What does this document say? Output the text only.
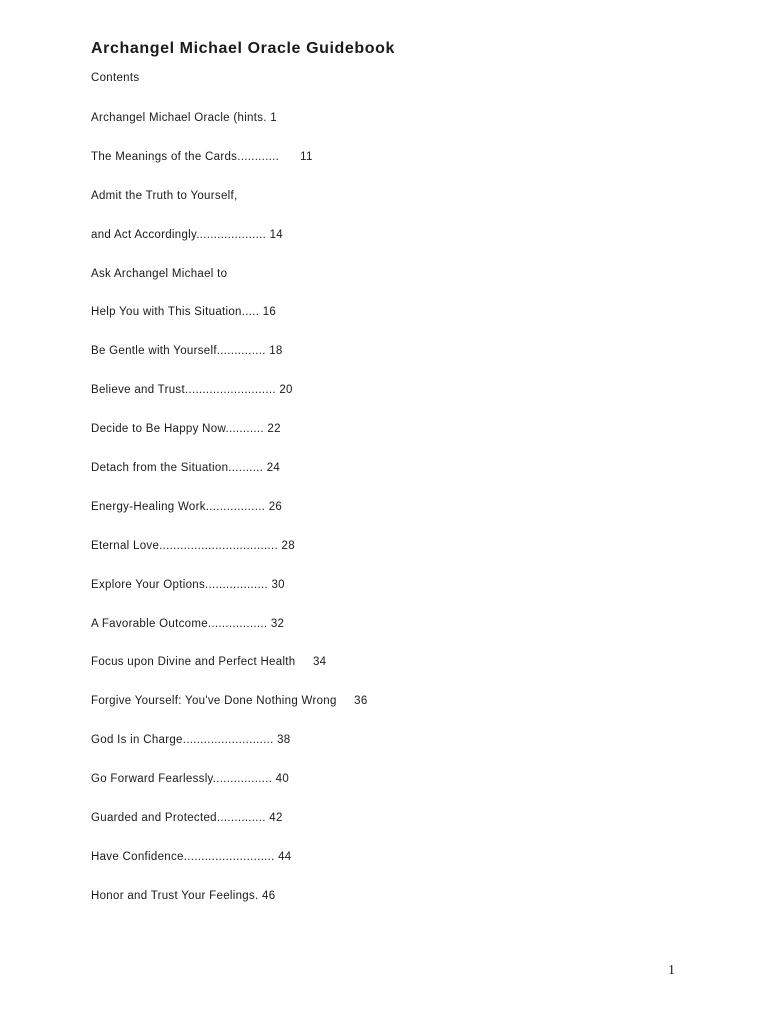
Archangel Michael Oracle Guidebook
Contents
Archangel Michael Oracle (hints. 1
The Meanings of the Cards............      11
Admit the Truth to Yourself,
and Act Accordingly.................... 14
Ask Archangel Michael to
Help You with This Situation..... 16
Be Gentle with Yourself.............. 18
Believe and Trust.......................... 20
Decide to Be Happy Now........... 22
Detach from the Situation.......... 24
Energy-Healing Work................. 26
Eternal Love.................................. 28
Explore Your Options.................. 30
A Favorable Outcome................. 32
Focus upon Divine and Perfect Health     34
Forgive Yourself: You've Done Nothing Wrong     36
God Is in Charge.......................... 38
Go Forward Fearlessly................. 40
Guarded and Protected.............. 42
Have Confidence.......................... 44
Honor and Trust Your Feelings. 46
1
